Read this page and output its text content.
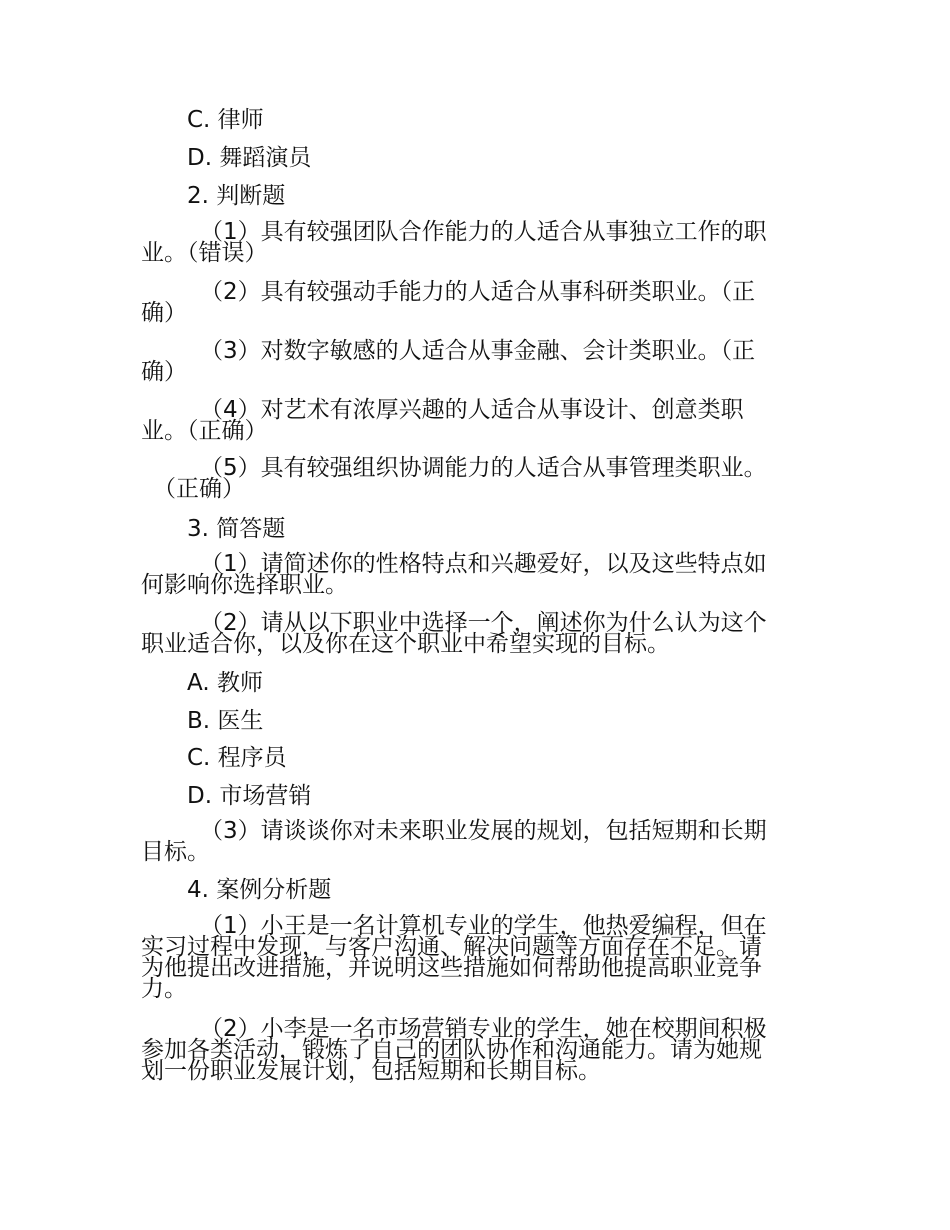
C. 律师
D. 舞蹈演员
2. 判断题
（1）具有较强团队合作能力的人适合从事独立工作的职
业。（错误）
（2）具有较强动手能力的人适合从事科研类职业。（正
确）
（3）对数字敏感的人适合从事金融、会计类职业。（正
确）
（4）对艺术有浓厚兴趣的人适合从事设计、创意类职
业。（正确）
（5）具有较强组织协调能力的人适合从事管理类职业。
（正确）
3. 简答题
（1）请简述你的性格特点和兴趣爱好，以及这些特点如
何影响你选择职业。
（2）请从以下职业中选择一个，阐述你为什么认为这个
职业适合你，以及你在这个职业中希望实现的目标。
A. 教师
B. 医生
C. 程序员
D. 市场营销
（3）请谈谈你对未来职业发展的规划，包括短期和长期
目标。
4. 案例分析题
（1）小王是一名计算机专业的学生，他热爱编程，但在
实习过程中发现，与客户沟通、解决问题等方面存在不足。请
为他提出改进措施，并说明这些措施如何帮助他提高职业竞争
力。
（2）小李是一名市场营销专业的学生，她在校期间积极
参加各类活动，锻炼了自己的团队协作和沟通能力。请为她规
划一份职业发展计划，包括短期和长期目标。
